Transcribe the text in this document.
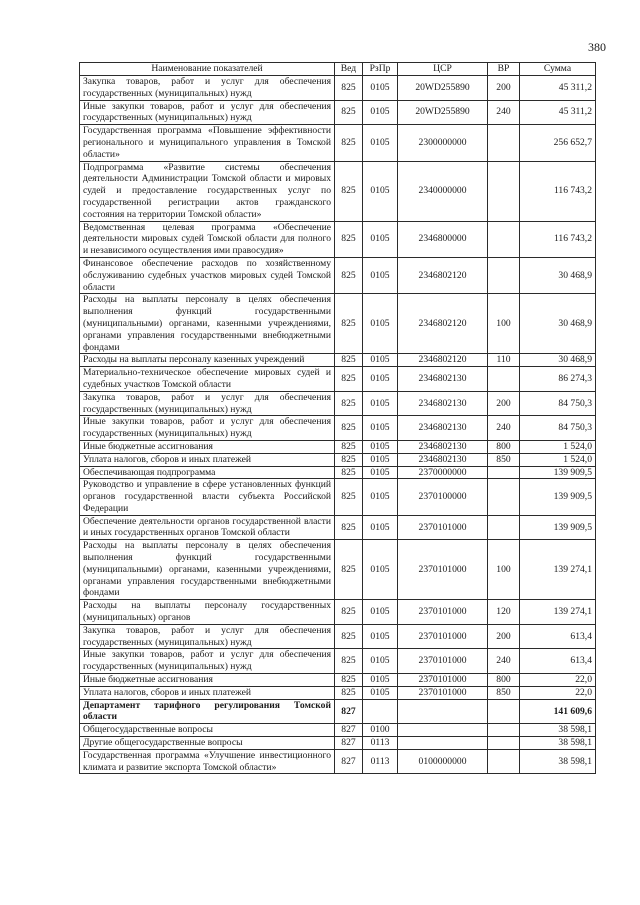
380
Наименование показателей	Вед	РзПр	ЦСР	ВР	Сумма
Закупка товаров, работ и услуг для обеспечения государственных (муниципальных) нужд	825	0105	20WD255890	200	45 311,2
Иные закупки товаров, работ и услуг для обеспечения государственных (муниципальных) нужд	825	0105	20WD255890	240	45 311,2
Государственная программа «Повышение эффективности регионального и муниципального управления в Томской области»	825	0105	2300000000		256 652,7
Подпрограмма «Развитие системы обеспечения деятельности Администрации Томской области и мировых судей и предоставление государственных услуг по государственной регистрации актов гражданского состояния на территории Томской области»	825	0105	2340000000		116 743,2
Ведомственная целевая программа «Обеспечение деятельности мировых судей Томской области для полного и независимого осуществления ими правосудия»	825	0105	2346800000		116 743,2
Финансовое обеспечение расходов по хозяйственному обслуживанию судебных участков мировых судей Томской области	825	0105	2346802120		30 468,9
Расходы на выплаты персоналу в целях обеспечения выполнения функций государственными (муниципальными) органами, казенными учреждениями, органами управления государственными внебюджетными фондами	825	0105	2346802120	100	30 468,9
Расходы на выплаты персоналу казенных учреждений	825	0105	2346802120	110	30 468,9
Материально-техническое обеспечение мировых судей и судебных участков Томской области	825	0105	2346802130		86 274,3
Закупка товаров, работ и услуг для обеспечения государственных (муниципальных) нужд	825	0105	2346802130	200	84 750,3
Иные закупки товаров, работ и услуг для обеспечения государственных (муниципальных) нужд	825	0105	2346802130	240	84 750,3
Иные бюджетные ассигнования	825	0105	2346802130	800	1 524,0
Уплата налогов, сборов и иных платежей	825	0105	2346802130	850	1 524,0
Обеспечивающая подпрограмма	825	0105	2370000000		139 909,5
Руководство и управление в сфере установленных функций органов государственной власти субъекта Российской Федерации	825	0105	2370100000		139 909,5
Обеспечение деятельности органов государственной власти и иных государственных органов Томской области	825	0105	2370101000		139 909,5
Расходы на выплаты персоналу в целях обеспечения выполнения функций государственными (муниципальными) органами, казенными учреждениями, органами управления государственными внебюджетными фондами	825	0105	2370101000	100	139 274,1
Расходы на выплаты персоналу государственных (муниципальных) органов	825	0105	2370101000	120	139 274,1
Закупка товаров, работ и услуг для обеспечения государственных (муниципальных) нужд	825	0105	2370101000	200	613,4
Иные закупки товаров, работ и услуг для обеспечения государственных (муниципальных) нужд	825	0105	2370101000	240	613,4
Иные бюджетные ассигнования	825	0105	2370101000	800	22,0
Уплата налогов, сборов и иных платежей	825	0105	2370101000	850	22,0
Департамент тарифного регулирования Томской области	827				141 609,6
Общегосударственные вопросы	827	0100			38 598,1
Другие общегосударственные вопросы	827	0113			38 598,1
Государственная программа «Улучшение инвестиционного климата и развитие экспорта Томской области»	827	0113	0100000000		38 598,1
